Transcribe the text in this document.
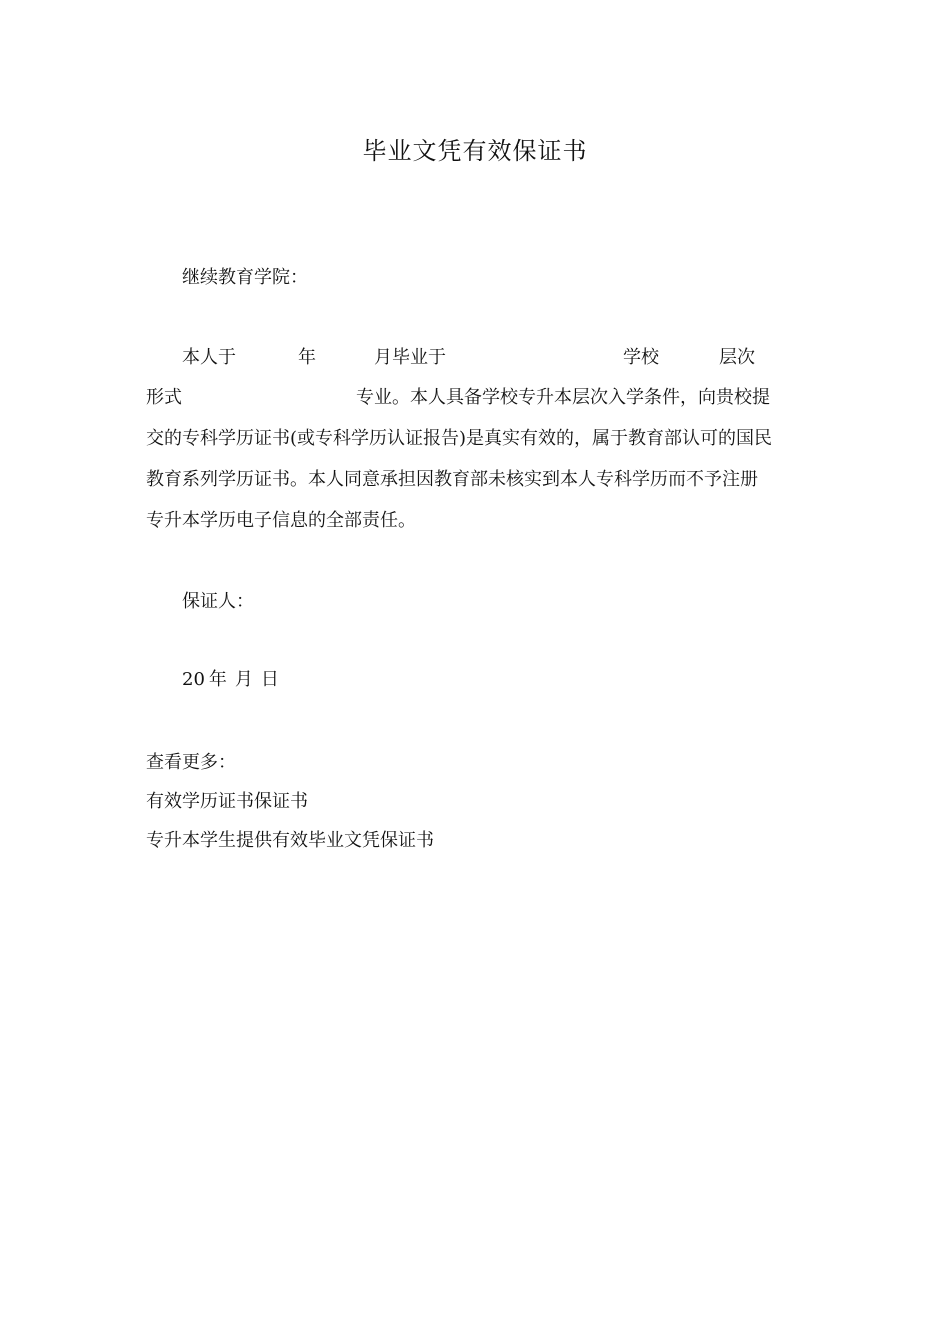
毕业文凭有效保证书
继续教育学院：
本人于	年	月毕业于	学校	层次
形式	专业。本人具备学校专升本层次入学条件，向贵校提
交的专科学历证书(或专科学历认证报告)是真实有效的，属于教育部认可的国民
教育系列学历证书。本人同意承担因教育部未核实到本人专科学历而不予注册
专升本学历电子信息的全部责任。
保证人：
20 年 月 日
查看更多：
有效学历证书保证书
专升本学生提供有效毕业文凭保证书
